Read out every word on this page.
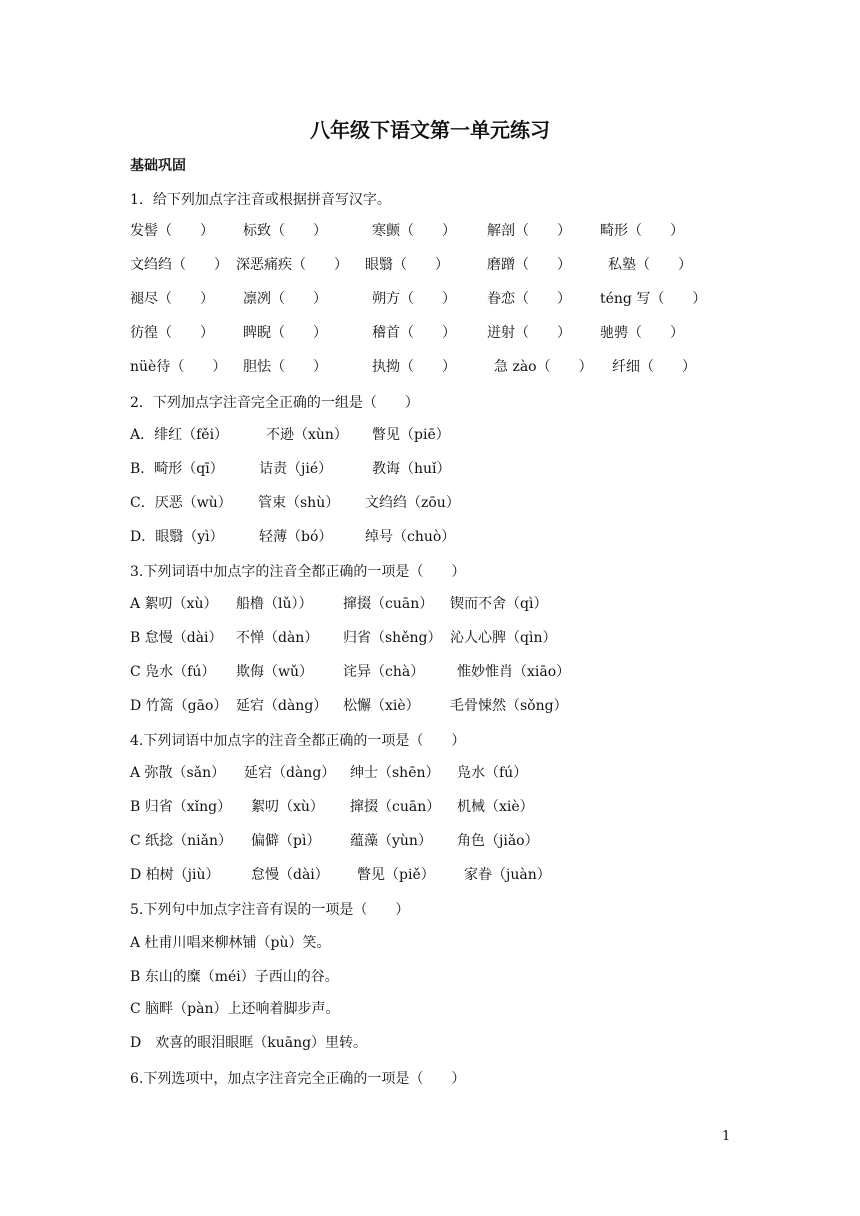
八年级下语文第一单元练习
基础巩固
1．给下列加点字注音或根据拼音写汉字。
发髻（　　） 标致（　　）	寒颤（　　） 解剖（　　） 畸形（　　）
文绉绉（　　） 深恶痛疾（　　） 眼翳（　　）	磨蹭（　　）	私塾（　　）
褪尽（　　） 凛冽（　　）	朔方（　　） 眷恋（　　） téng 写（　　）
彷徨（　　） 睥睨（　　）	稽首（　　） 迸射（　　） 驰骋（　　）
nüè待（　　） 胆怯（　　）	执拗（　　）	急 zào（　　） 纤细（　　）
2．下列加点字注音完全正确的一组是（　　）
A．绯红（fěi）	不逊（xùn） 瞥见（piē）
B．畸形（qī）	诘责（jié）	教诲（huǐ）
C．厌恶（wù） 管束（shù） 文绉绉（zōu）
D．眼翳（yì）	轻薄（bó） 绰号（chuò）
3.下列词语中加点字的注音全都正确的一项是（　　）
A 絮叨（xù） 船橹（lǔ）） 撺掇（cuān） 锲而不舍（qì）
B 怠慢（dài） 不惮（dàn） 归省（shěng） 沁人心脾（qìn）
C 凫水（fú） 欺侮（wǔ） 诧异（chà） 惟妙惟肖（xiāo）
D 竹篙（gāo） 延宕（dàng） 松懈（xiè） 毛骨悚然（sǒng）
4.下列词语中加点字的注音全都正确的一项是（　　）
A 弥散（sǎn） 延宕（dàng） 绅士（shēn） 凫水（fú）
B 归省（xǐng） 絮叨（xù） 撺掇（cuān） 机械（xiè）
C 纸捻（niǎn） 偏僻（pì） 蕴藻（yùn） 角色（jiǎo）
D 柏树（jiù） 怠慢（dài） 瞥见（piě） 家眷（juàn）
5.下列句中加点字注音有误的一项是（　　）
A 杜甫川唱来柳林铺（pù）笑。
B 东山的糜（méi）子西山的谷。
C 脑畔（pàn）上还响着脚步声。
D　欢喜的眼泪眼眶（kuāng）里转。
6.下列选项中，加点字注音完全正确的一项是（　　）
1
